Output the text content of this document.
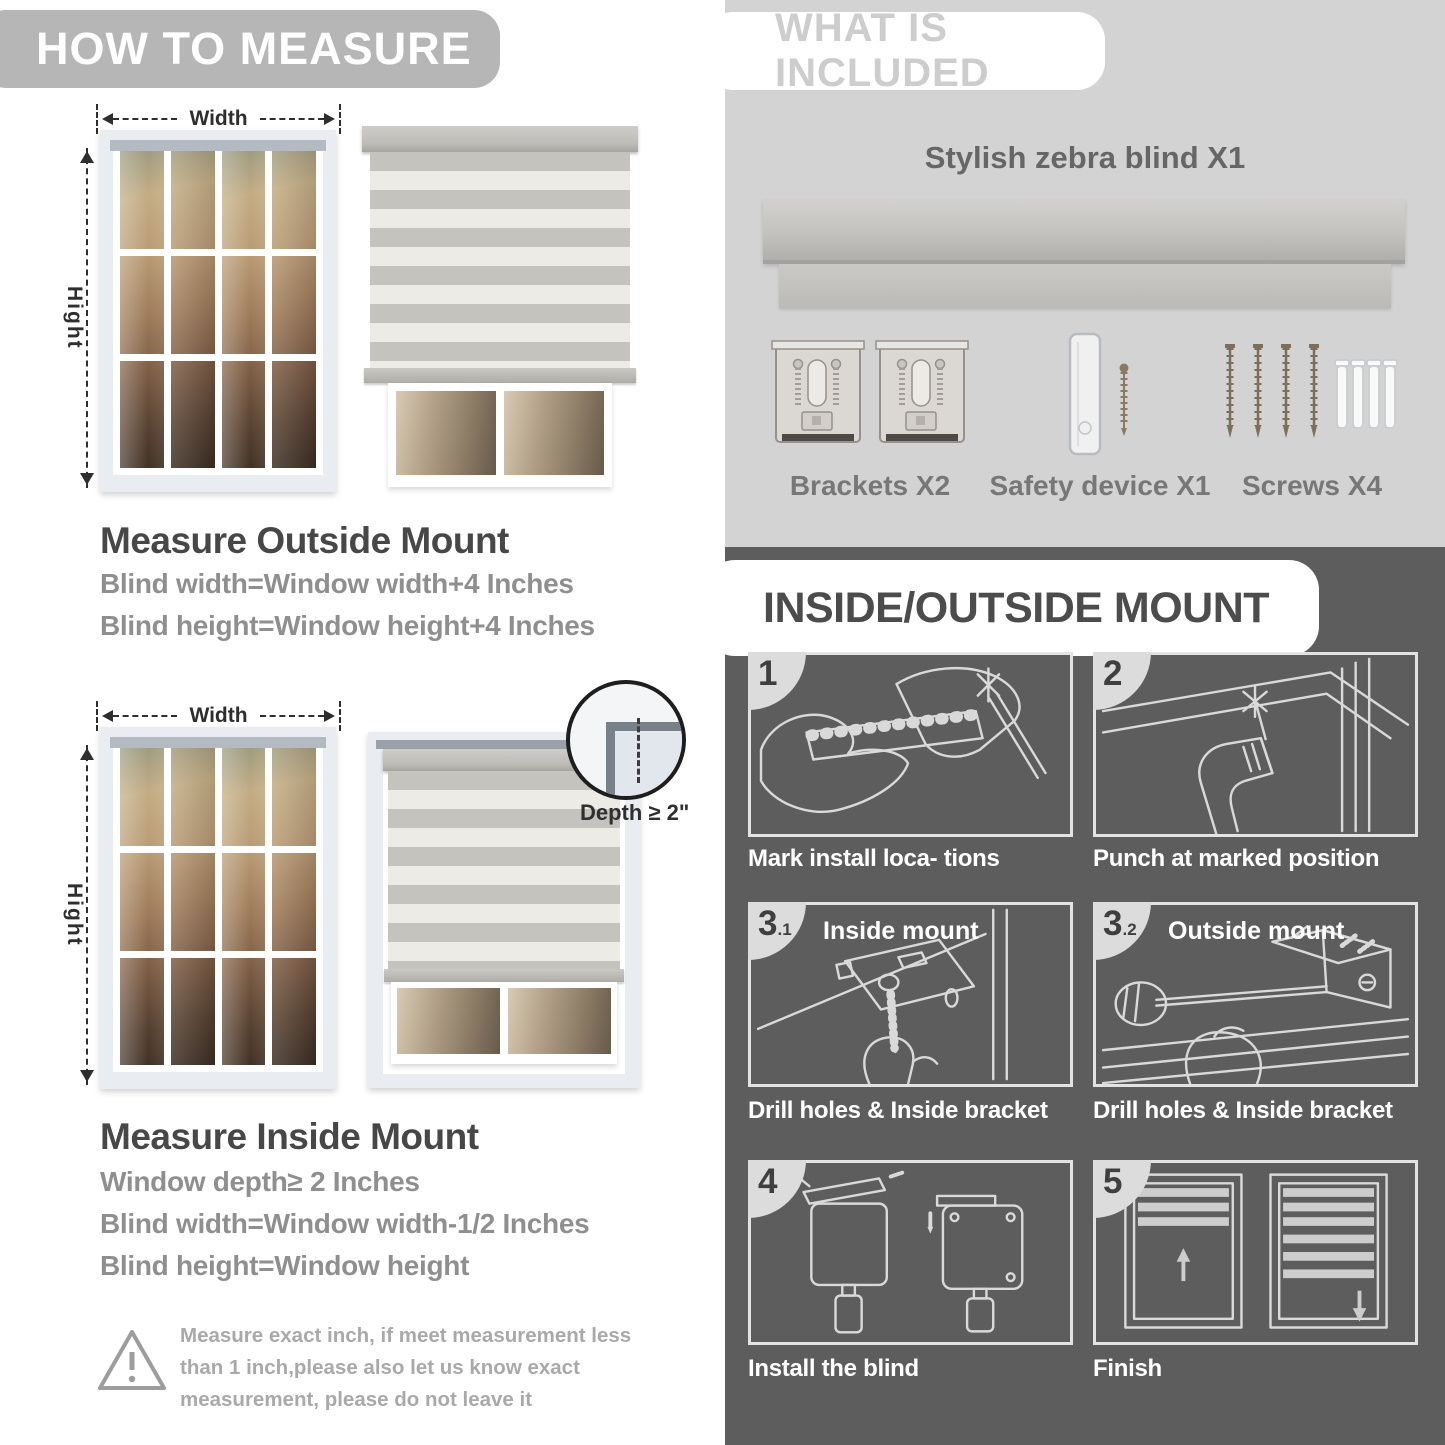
HOW TO MEASURE
Width
Hight
Measure Outside Mount
Blind width=Window width+4 Inches
Blind height=Window height+4 Inches
Width
Hight
Depth ≥ 2"
Measure Inside Mount
Window depth≥ 2 Inches
Blind width=Window width-1/2 Inches
Blind height=Window height
Measure exact inch, if meet measurement less than 1 inch,please also let us know exact measurement, please do not leave it
WHAT IS INCLUDED
Stylish zebra blind X1
Brackets X2	Safety device X1	Screws X4
INSIDE/OUTSIDE MOUNT
1
Mark install loca- tions
2
Punch at marked position
3.1	Inside mount
Drill holes & Inside bracket
3.2	Outside mount
Drill holes & Inside bracket
4
Install the blind
5
Finish
